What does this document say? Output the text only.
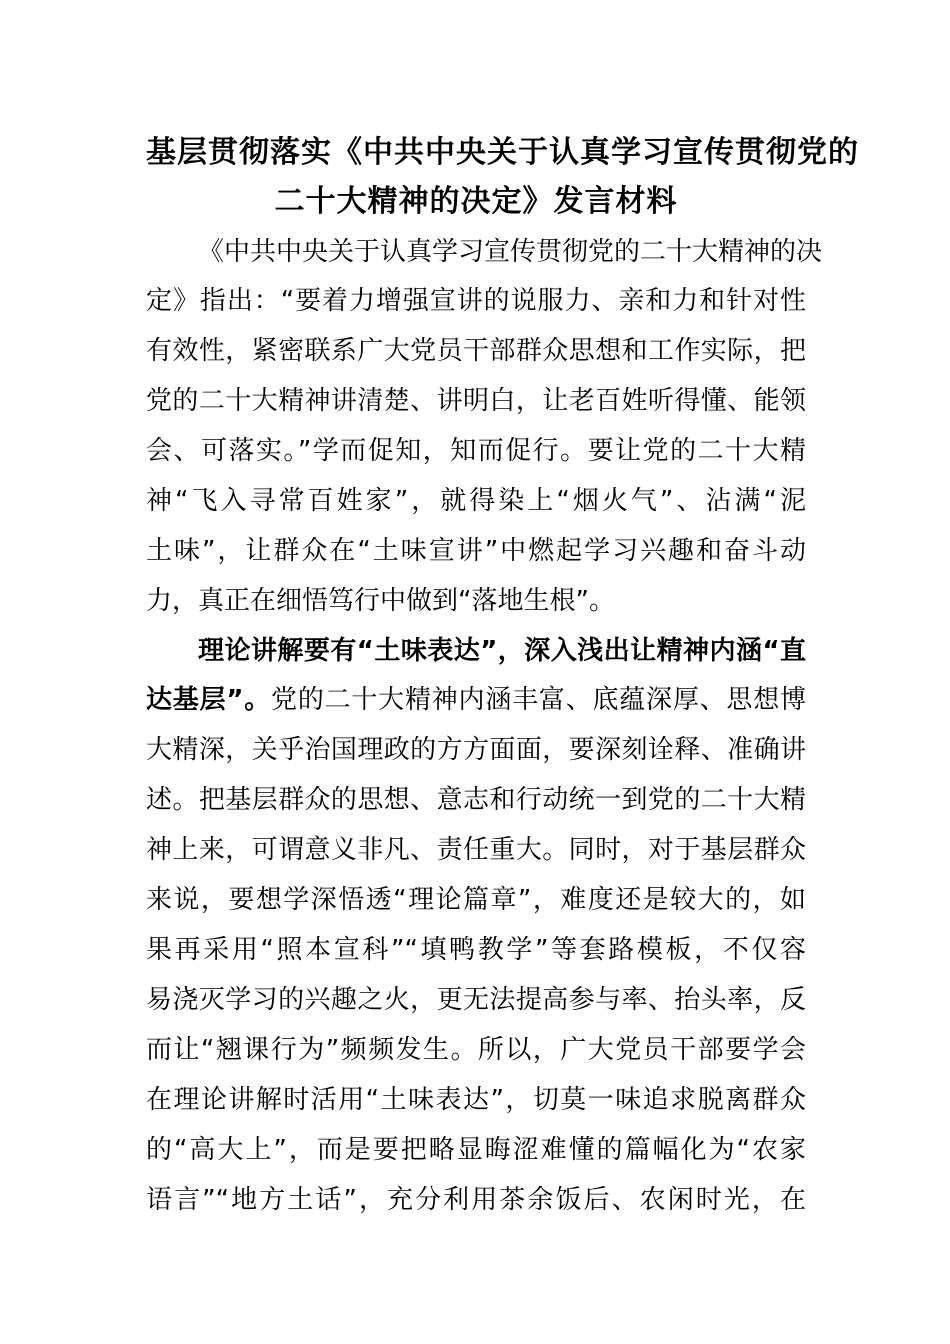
基层贯彻落实《中共中央关于认真学习宣传贯彻党的
二十大精神的决定》发言材料
《中共中央关于认真学习宣传贯彻党的二十大精神的决
定》指出：“要着力增强宣讲的说服力、亲和力和针对性
有效性，紧密联系广大党员干部群众思想和工作实际，把
党的二十大精神讲清楚、讲明白，让老百姓听得懂、能领
会、可落实。”学而促知，知而促行。要让党的二十大精
神“飞入寻常百姓家”，就得染上“烟火气”、沾满“泥
土味”，让群众在“土味宣讲”中燃起学习兴趣和奋斗动
力，真正在细悟笃行中做到“落地生根”。
理论讲解要有“土味表达”，深入浅出让精神内涵“直
达基层”。党的二十大精神内涵丰富、底蕴深厚、思想博
大精深，关乎治国理政的方方面面，要深刻诠释、准确讲
述。把基层群众的思想、意志和行动统一到党的二十大精
神上来，可谓意义非凡、责任重大。同时，对于基层群众
来说，要想学深悟透“理论篇章”，难度还是较大的，如
果再采用“照本宣科”“填鸭教学”等套路模板，不仅容
易浇灭学习的兴趣之火，更无法提高参与率、抬头率，反
而让“翘课行为”频频发生。所以，广大党员干部要学会
在理论讲解时活用“土味表达”，切莫一味追求脱离群众
的“高大上”，而是要把略显晦涩难懂的篇幅化为“农家
语言”“地方土话”，充分利用茶余饭后、农闲时光，在
